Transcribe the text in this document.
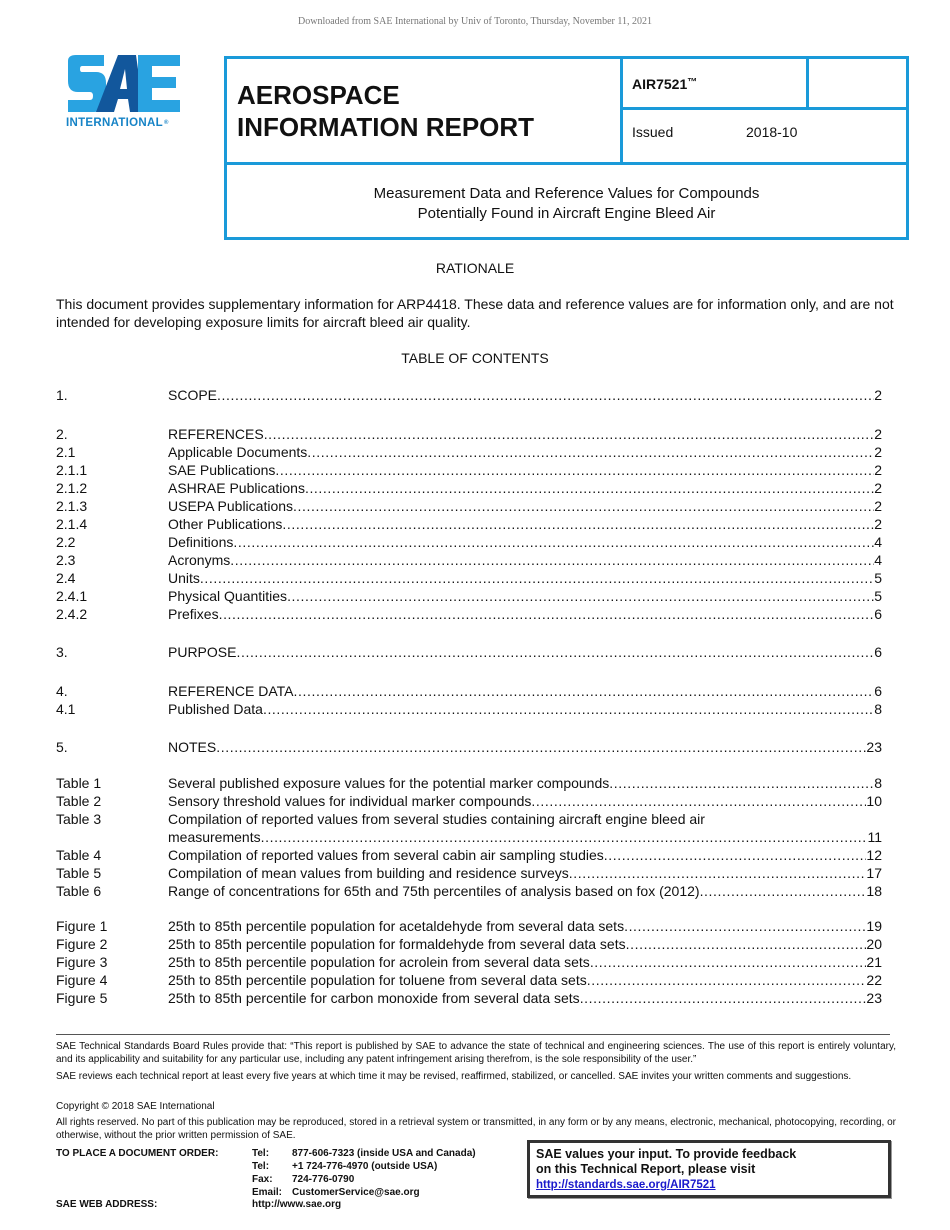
Downloaded from SAE International by Univ of Toronto, Thursday, November 11, 2021
INTERNATIONAL®
AEROSPACE
INFORMATION REPORT
AIR7521™
Issued	2018-10
Measurement Data and Reference Values for Compounds
Potentially Found in Aircraft Engine Bleed Air
RATIONALE
This document provides supplementary information for ARP4418. These data and reference values are for information only, and are not intended for developing exposure limits for aircraft bleed air quality.
TABLE OF CONTENTS
1.	SCOPE .....	2
2.	REFERENCES .....	2
2.1	Applicable Documents .....	2
2.1.1	SAE Publications .....	2
2.1.2	ASHRAE Publications .....	2
2.1.3	USEPA Publications .....	2
2.1.4	Other Publications .....	2
2.2	Definitions .....	4
2.3	Acronyms .....	4
2.4	Units .....	5
2.4.1	Physical Quantities .....	5
2.4.2	Prefixes .....	6
3.	PURPOSE .....	6
4.	REFERENCE DATA .....	6
4.1	Published Data .....	8
5.	NOTES .....	23
Table 1	Several published exposure values for the potential marker compounds .....	8
Table 2	Sensory threshold values for individual marker compounds .....	10
Table 3	Compilation of reported values from several studies containing aircraft engine bleed air
measurements .....	11
Table 4	Compilation of reported values from several cabin air sampling studies .....	12
Table 5	Compilation of mean values from building and residence surveys .....	17
Table 6	Range of concentrations for 65th and 75th percentiles of analysis based on fox (2012) .....	18
Figure 1	25th to 85th percentile population for acetaldehyde from several data sets .....	19
Figure 2	25th to 85th percentile population for formaldehyde from several data sets .....	20
Figure 3	25th to 85th percentile population for acrolein from several data sets .....	21
Figure 4	25th to 85th percentile population for toluene from several data sets .....	22
Figure 5	25th to 85th percentile for carbon monoxide from several data sets .....	23
SAE Technical Standards Board Rules provide that: “This report is published by SAE to advance the state of technical and engineering sciences. The use of this report is entirely voluntary, and its applicability and suitability for any particular use, including any patent infringement arising therefrom, is the sole responsibility of the user.”
SAE reviews each technical report at least every five years at which time it may be revised, reaffirmed, stabilized, or cancelled. SAE invites your written comments and suggestions.
Copyright © 2018 SAE International
All rights reserved. No part of this publication may be reproduced, stored in a retrieval system or transmitted, in any form or by any means, electronic, mechanical, photocopying, recording, or otherwise, without the prior written permission of SAE.
TO PLACE A DOCUMENT ORDER:	Tel: 877-606-7323 (inside USA and Canada)
Tel: +1 724-776-4970 (outside USA)
Fax: 724-776-0790
Email: CustomerService@sae.org
SAE WEB ADDRESS:	http://www.sae.org
SAE values your input. To provide feedback
on this Technical Report, please visit
http://standards.sae.org/AIR7521
